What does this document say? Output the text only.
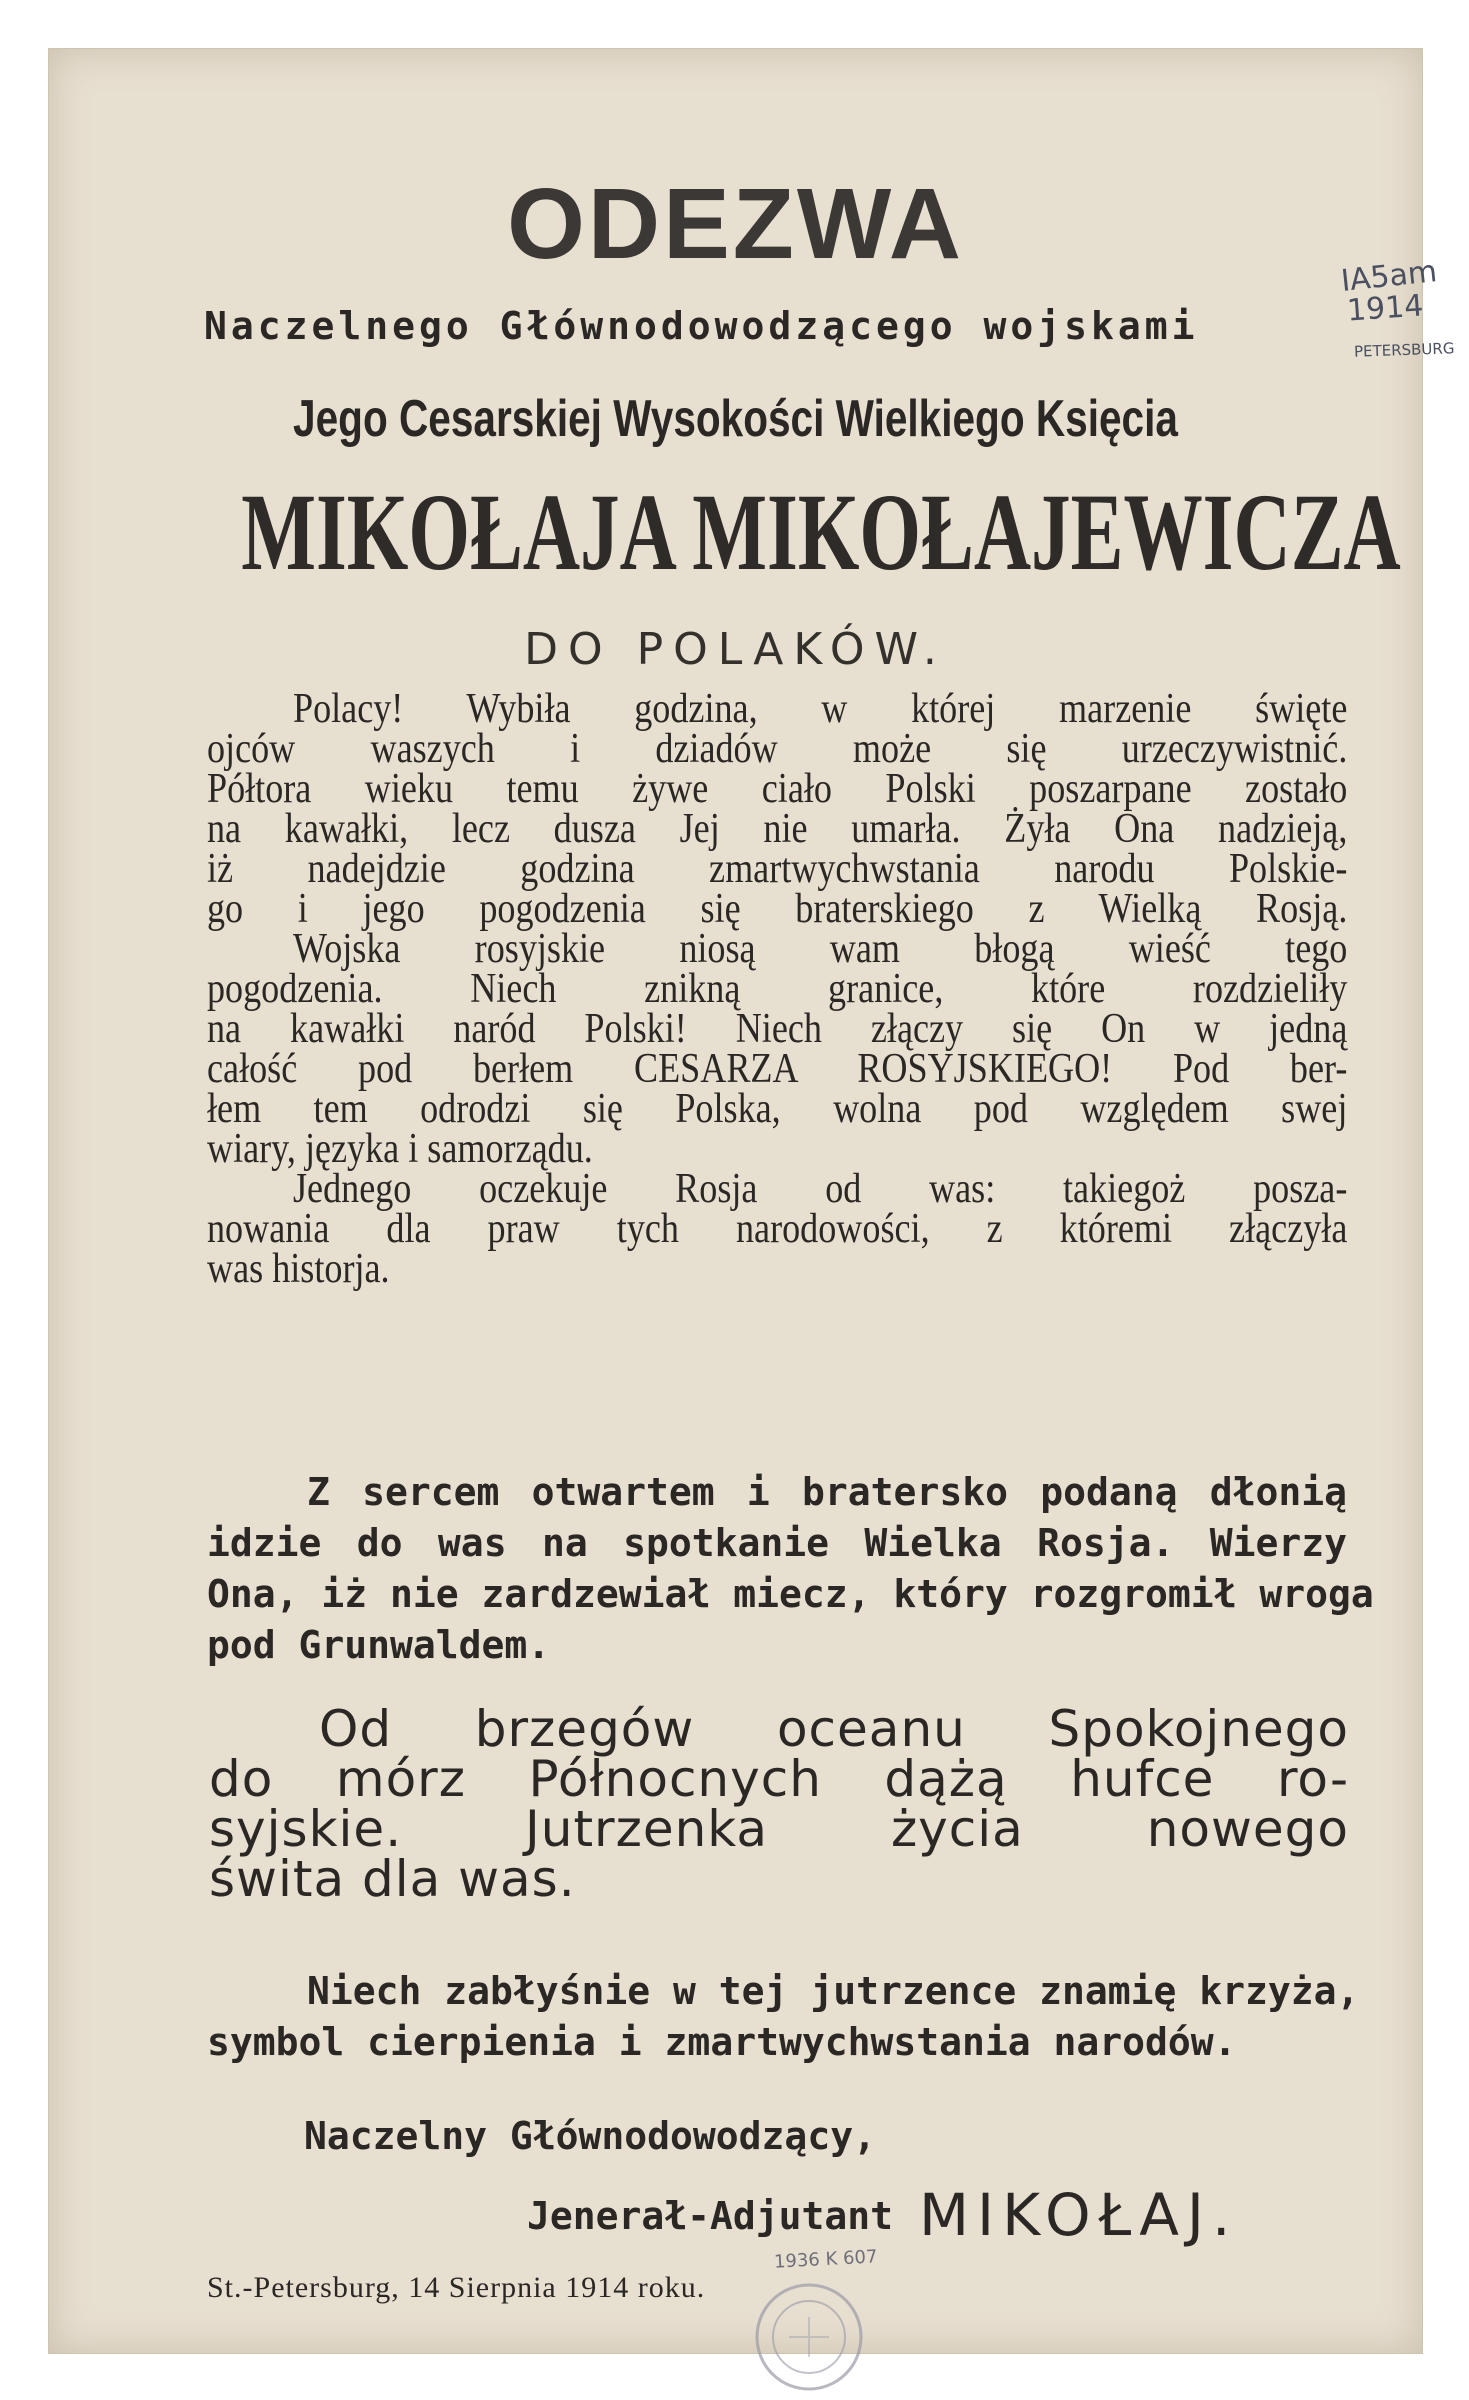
ODEZWA
Naczelnego Głównodowodzącego wojskami
Jego Cesarskiej Wysokości Wielkiego Księcia
MIKOŁAJA MIKOŁAJEWICZA
DO POLAKÓW.
Polacy! Wybiła godzina, w której marzenie święte
ojców waszych i dziadów może się urzeczywistnić.
Półtora wieku temu żywe ciało Polski poszarpane zostało
na kawałki, lecz dusza Jej nie umarła. Żyła Ona nadzieją,
iż nadejdzie godzina zmartwychwstania narodu Polskie-
go i jego pogodzenia się braterskiego z Wielką Rosją.
Wojska rosyjskie niosą wam błogą wieść tego
pogodzenia. Niech znikną granice, które rozdzieliły
na kawałki naród Polski! Niech złączy się On w jedną
całość pod berłem CESARZA ROSYJSKIEGO! Pod ber-
łem tem odrodzi się Polska, wolna pod względem swej
wiary, języka i samorządu.
Jednego oczekuje Rosja od was: takiegoż posza-
nowania dla praw tych narodowości, z któremi złączyła
was historja.
Z sercem otwartem i bratersko podaną dłonią
idzie do was na spotkanie Wielka Rosja. Wierzy
Ona, iż nie zardzewiał miecz, który rozgromił wroga
pod Grunwaldem.
Od brzegów oceanu Spokojnego
do mórz Północnych dążą hufce ro-
syjskie. Jutrzenka życia nowego
świta dla was.
Niech zabłyśnie w tej jutrzence znamię krzyża,
symbol cierpienia i zmartwychwstania narodów.
Naczelny Głównodowodzący,
Jenerał-Adjutant MIKOŁAJ.
St.-Petersburg, 14 Sierpnia 1914 roku.
IA5am
1914
PETERSBURG
1936 K 607
